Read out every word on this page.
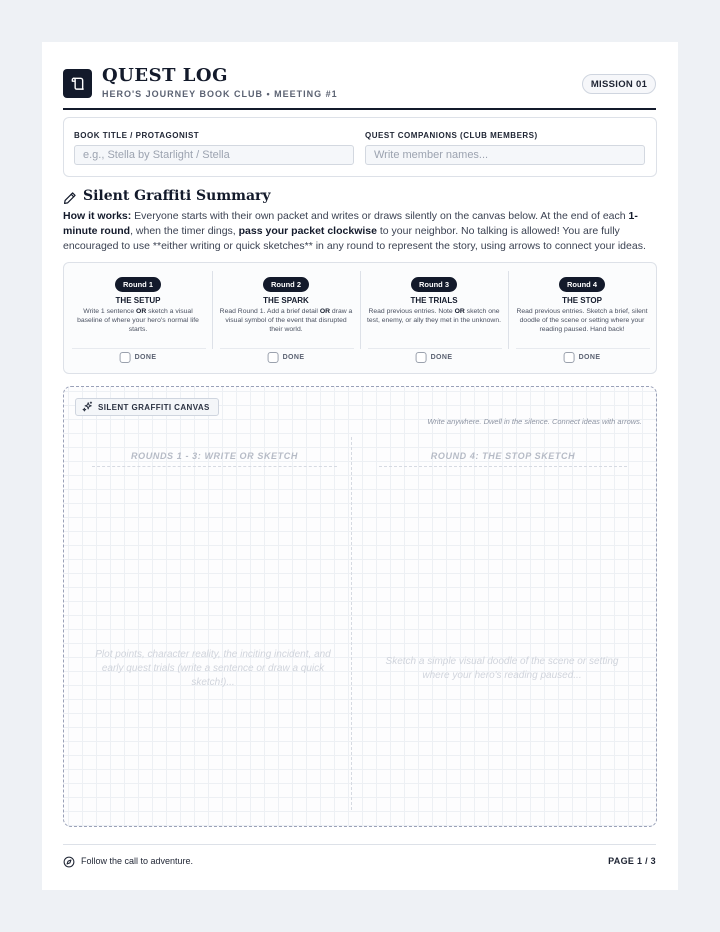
QUEST LOG
HERO'S JOURNEY BOOK CLUB • MEETING #1
MISSION 01
BOOK TITLE / PROTAGONIST
e.g., Stella by Starlight / Stella
QUEST COMPANIONS (CLUB MEMBERS)
Write member names...
Silent Graffiti Summary
How it works: Everyone starts with their own packet and writes or draws silently on the canvas below. At the end of each 1-minute round, when the timer dings, pass your packet clockwise to your neighbor. No talking is allowed! You are fully encouraged to use **either writing or quick sketches** in any round to represent the story, using arrows to connect your ideas.
Round 1
THE SETUP
Write 1 sentence OR sketch a visual baseline of where your hero's normal life starts.
DONE
Round 2
THE SPARK
Read Round 1. Add a brief detail OR draw a visual symbol of the event that disrupted their world.
DONE
Round 3
THE TRIALS
Read previous entries. Note OR sketch one test, enemy, or ally they met in the unknown.
DONE
Round 4
THE STOP
Read previous entries. Sketch a brief, silent doodle of the scene or setting where your reading paused. Hand back!
DONE
SILENT GRAFFITI CANVAS
Write anywhere. Dwell in the silence. Connect ideas with arrows.
ROUNDS 1 - 3: WRITE OR SKETCH	ROUND 4: THE STOP SKETCH
Plot points, character reality, the inciting incident, and early quest trials (write a sentence or draw a quick sketch!)...
Sketch a simple visual doodle of the scene or setting where your hero's reading paused...
Follow the call to adventure.	PAGE 1 / 3
